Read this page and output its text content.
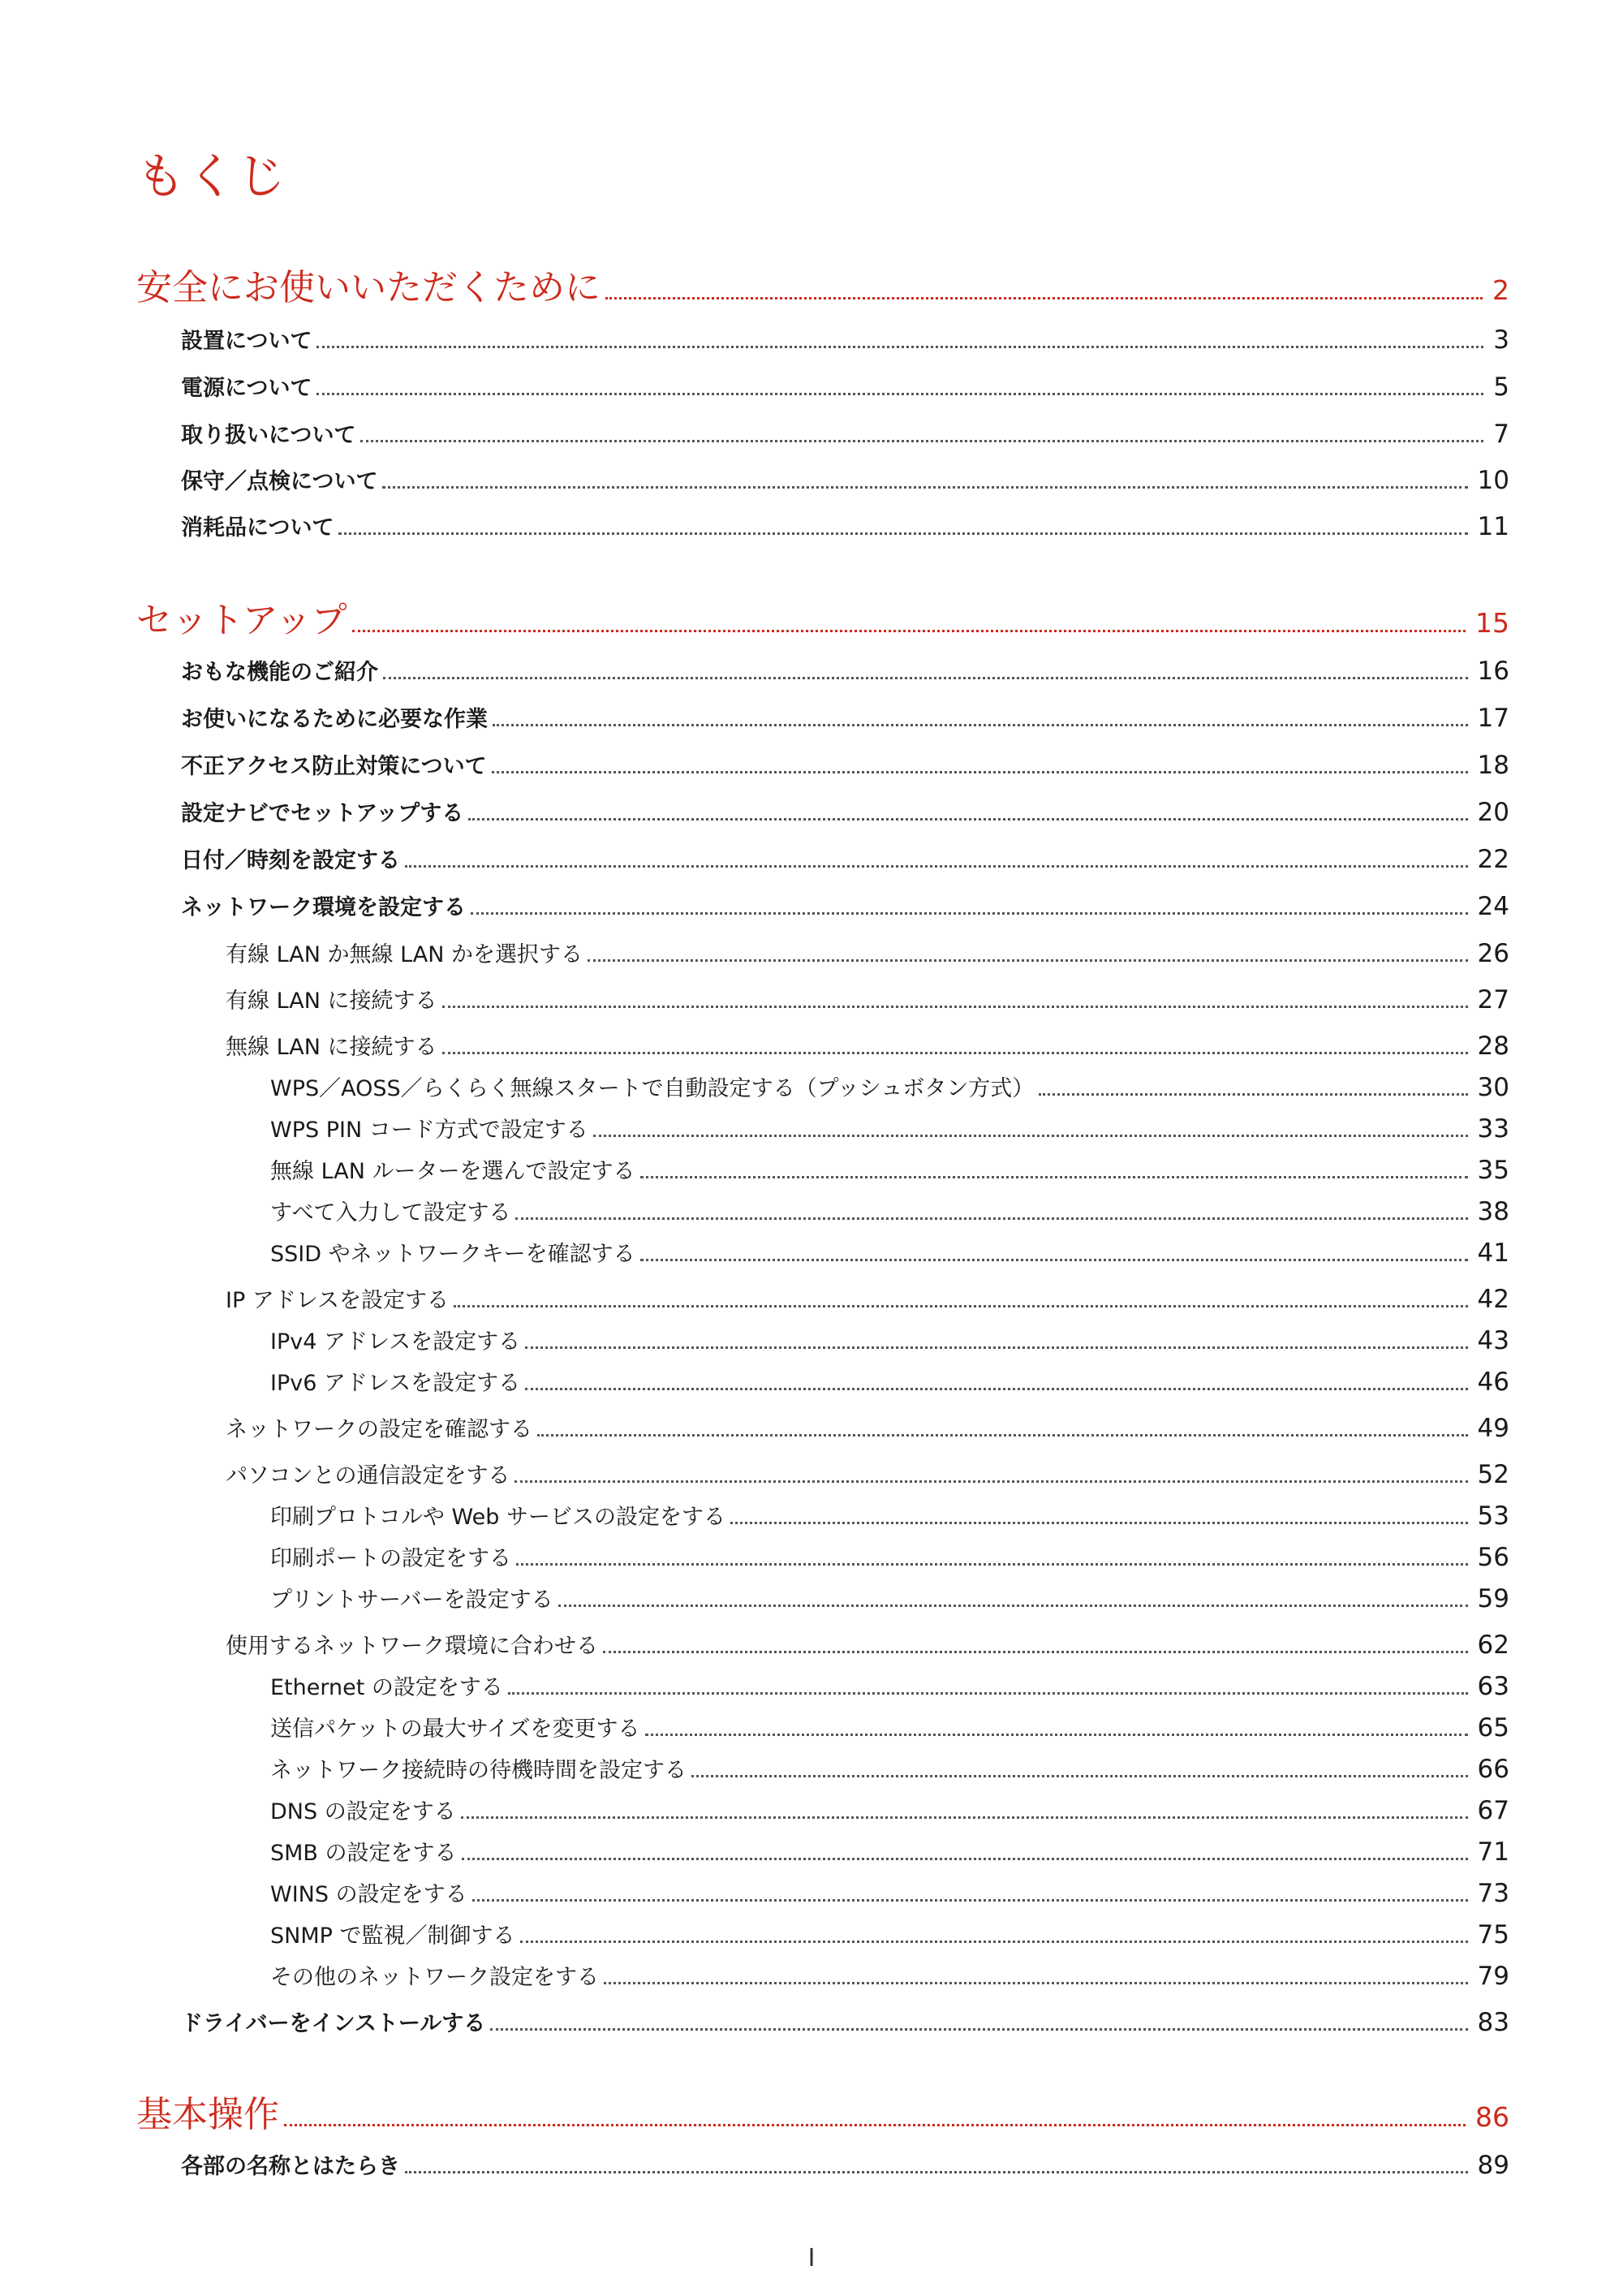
もくじ
安全にお使いいただくために	2
設置について	3
電源について	5
取り扱いについて	7
保守／点検について	10
消耗品について	11
セットアップ	15
おもな機能のご紹介	16
お使いになるために必要な作業	17
不正アクセス防止対策について	18
設定ナビでセットアップする	20
日付／時刻を設定する	22
ネットワーク環境を設定する	24
有線 LAN か無線 LAN かを選択する	26
有線 LAN に接続する	27
無線 LAN に接続する	28
WPS／AOSS／らくらく無線スタートで自動設定する（プッシュボタン方式）	30
WPS PIN コード方式で設定する	33
無線 LAN ルーターを選んで設定する	35
すべて入力して設定する	38
SSID やネットワークキーを確認する	41
IP アドレスを設定する	42
IPv4 アドレスを設定する	43
IPv6 アドレスを設定する	46
ネットワークの設定を確認する	49
パソコンとの通信設定をする	52
印刷プロトコルや Web サービスの設定をする	53
印刷ポートの設定をする	56
プリントサーバーを設定する	59
使用するネットワーク環境に合わせる	62
Ethernet の設定をする	63
送信パケットの最大サイズを変更する	65
ネットワーク接続時の待機時間を設定する	66
DNS の設定をする	67
SMB の設定をする	71
WINS の設定をする	73
SNMP で監視／制御する	75
その他のネットワーク設定をする	79
ドライバーをインストールする	83
基本操作	86
各部の名称とはたらき	89
I
